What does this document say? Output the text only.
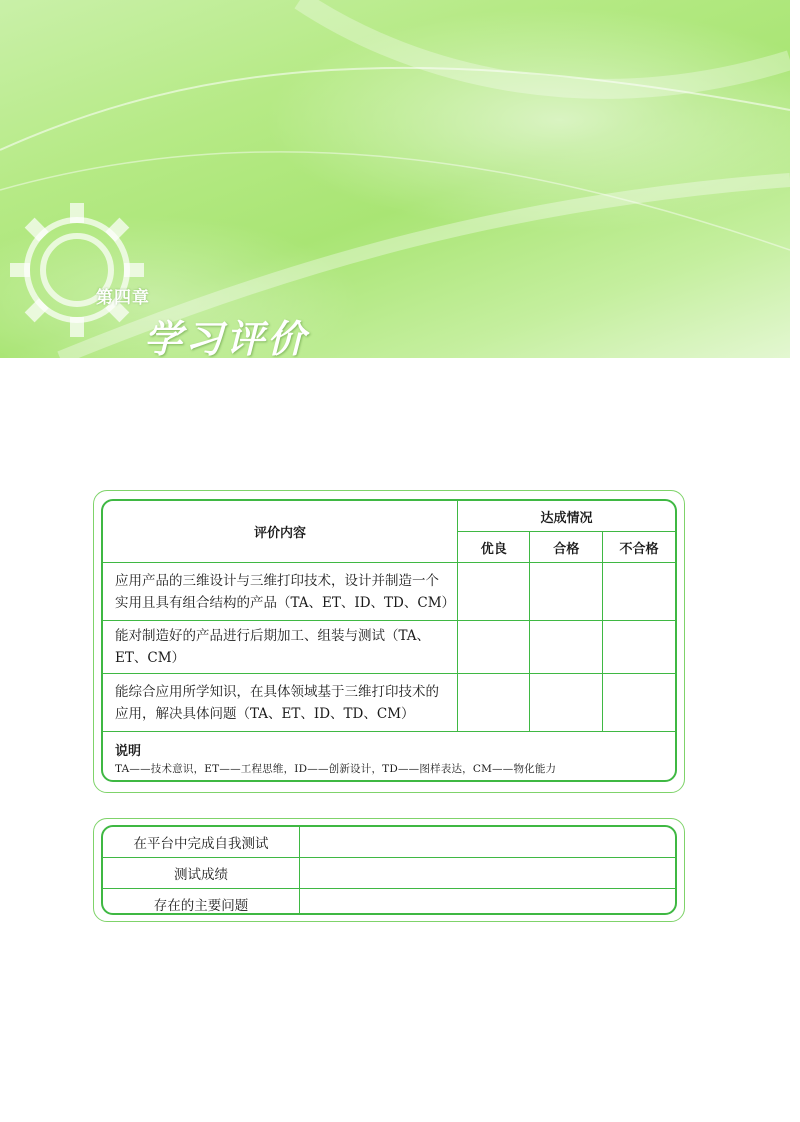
第四章
学习评价
评价内容	达成情况		
	优良	合格	不合格
应用产品的三维设计与三维打印技术，设计并制造一个实用且具有组合结构的产品（TA、ET、ID、TD、CM）			
能对制造好的产品进行后期加工、组装与测试（TA、ET、CM）			
能综合应用所学知识，在具体领域基于三维打印技术的应用，解决具体问题（TA、ET、ID、TD、CM）			

说明
TA——技术意识，ET——工程思维，ID——创新设计，TD——图样表达，CM——物化能力			
在平台中完成自我测试	
测试成绩	
存在的主要问题	
